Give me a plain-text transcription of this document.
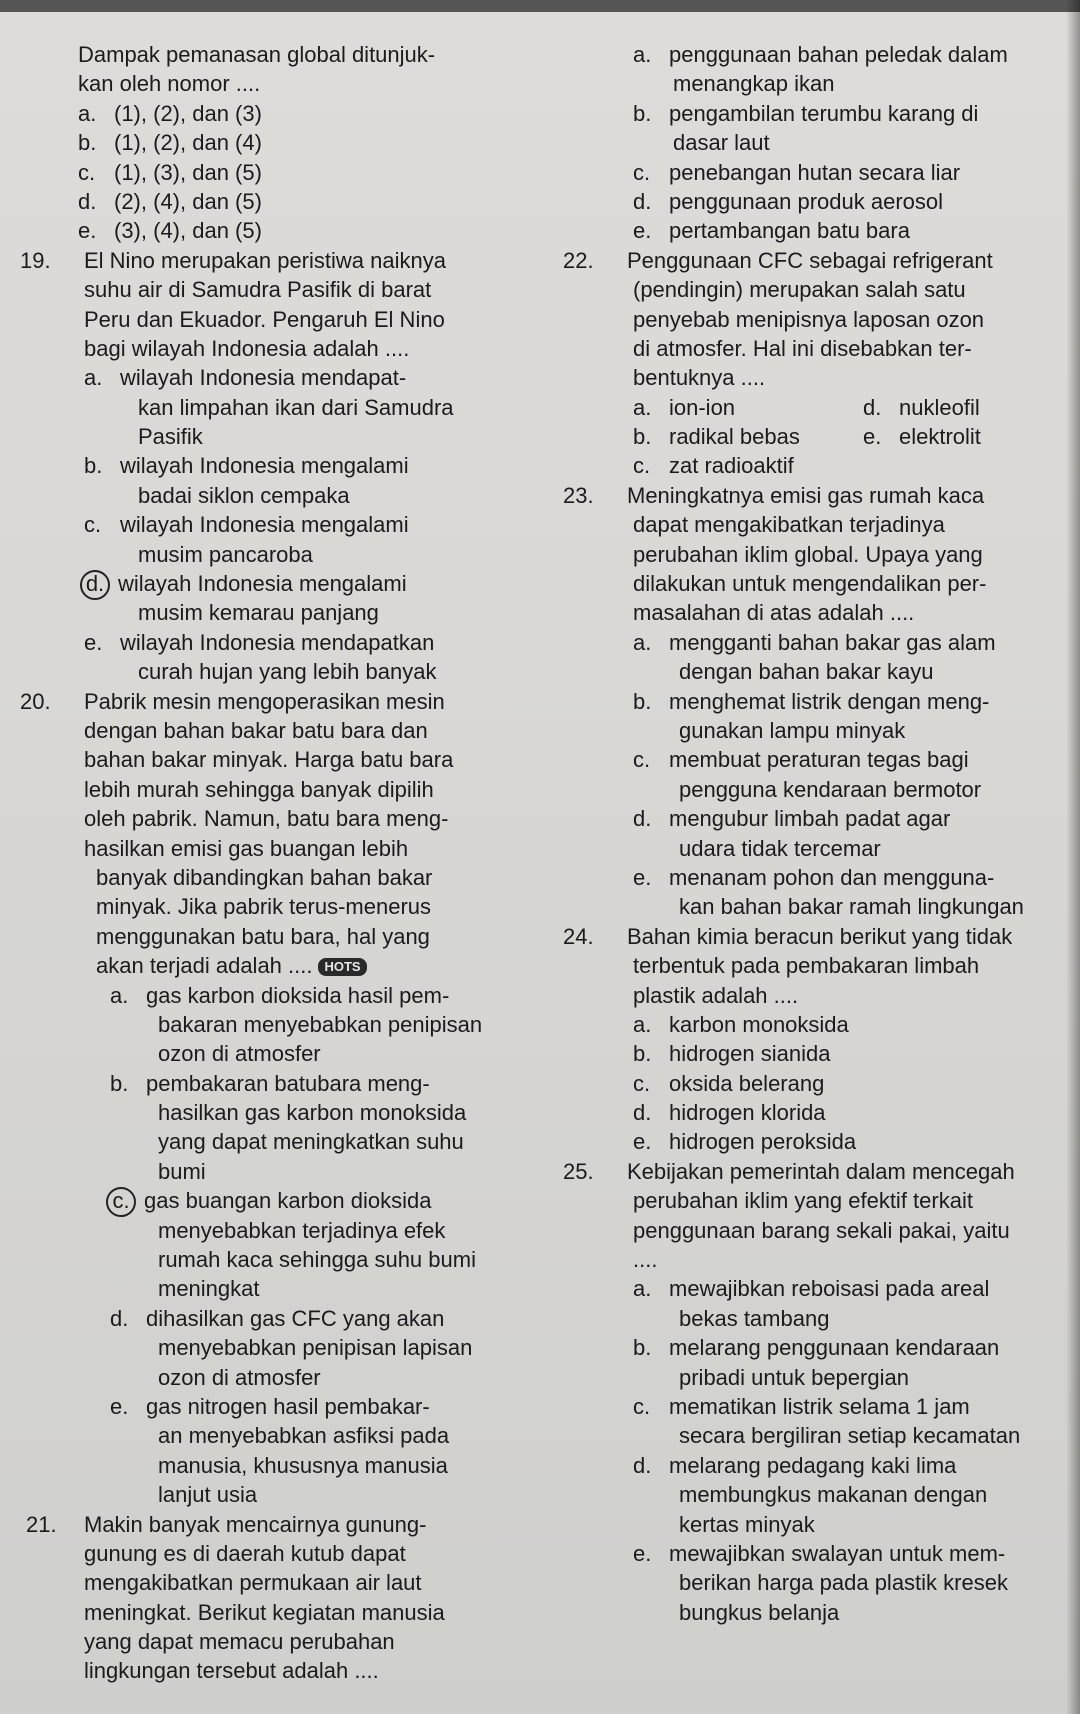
Dampak pemanasan global ditunjuk-
kan oleh nomor ....
a. (1), (2), dan (3)
b. (1), (2), dan (4)
c. (1), (3), dan (5)
d. (2), (4), dan (5)
e. (3), (4), dan (5)
19. El Nino merupakan peristiwa naiknya
suhu air di Samudra Pasifik di barat
Peru dan Ekuador. Pengaruh El Nino
bagi wilayah Indonesia adalah ....
a. wilayah Indonesia mendapat-
kan limpahan ikan dari Samudra
Pasifik
b. wilayah Indonesia mengalami
badai siklon cempaka
c. wilayah Indonesia mengalami
musim pancaroba
d. wilayah Indonesia mengalami
musim kemarau panjang
e. wilayah Indonesia mendapatkan
curah hujan yang lebih banyak
20. Pabrik mesin mengoperasikan mesin
dengan bahan bakar batu bara dan
bahan bakar minyak. Harga batu bara
lebih murah sehingga banyak dipilih
oleh pabrik. Namun, batu bara meng-
hasilkan emisi gas buangan lebih
banyak dibandingkan bahan bakar
minyak. Jika pabrik terus-menerus
menggunakan batu bara, hal yang
akan terjadi adalah .... HOTS
a. gas karbon dioksida hasil pem-
bakaran menyebabkan penipisan
ozon di atmosfer
b. pembakaran batubara meng-
hasilkan gas karbon monoksida
yang dapat meningkatkan suhu
bumi
c. gas buangan karbon dioksida
menyebabkan terjadinya efek
rumah kaca sehingga suhu bumi
meningkat
d. dihasilkan gas CFC yang akan
menyebabkan penipisan lapisan
ozon di atmosfer
e. gas nitrogen hasil pembakar-
an menyebabkan asfiksi pada
manusia, khususnya manusia
lanjut usia
21. Makin banyak mencairnya gunung-
gunung es di daerah kutub dapat
mengakibatkan permukaan air laut
meningkat. Berikut kegiatan manusia
yang dapat memacu perubahan
lingkungan tersebut adalah ....
a. penggunaan bahan peledak dalam
menangkap ikan
b. pengambilan terumbu karang di
dasar laut
c. penebangan hutan secara liar
d. penggunaan produk aerosol
e. pertambangan batu bara
22. Penggunaan CFC sebagai refrigerant
(pendingin) merupakan salah satu
penyebab menipisnya laposan ozon
di atmosfer. Hal ini disebabkan ter-
bentuknya ....
a. ion-ion	d. nukleofil
b. radikal bebas	e. elektrolit
c. zat radioaktif
23. Meningkatnya emisi gas rumah kaca
dapat mengakibatkan terjadinya
perubahan iklim global. Upaya yang
dilakukan untuk mengendalikan per-
masalahan di atas adalah ....
a. mengganti bahan bakar gas alam
dengan bahan bakar kayu
b. menghemat listrik dengan meng-
gunakan lampu minyak
c. membuat peraturan tegas bagi
pengguna kendaraan bermotor
d. mengubur limbah padat agar
udara tidak tercemar
e. menanam pohon dan mengguna-
kan bahan bakar ramah lingkungan
24. Bahan kimia beracun berikut yang tidak
terbentuk pada pembakaran limbah
plastik adalah ....
a. karbon monoksida
b. hidrogen sianida
c. oksida belerang
d. hidrogen klorida
e. hidrogen peroksida
25. Kebijakan pemerintah dalam mencegah
perubahan iklim yang efektif terkait
penggunaan barang sekali pakai, yaitu
....
a. mewajibkan reboisasi pada areal
bekas tambang
b. melarang penggunaan kendaraan
pribadi untuk bepergian
c. mematikan listrik selama 1 jam
secara bergiliran setiap kecamatan
d. melarang pedagang kaki lima
membungkus makanan dengan
kertas minyak
e. mewajibkan swalayan untuk mem-
berikan harga pada plastik kresek
bungkus belanja
